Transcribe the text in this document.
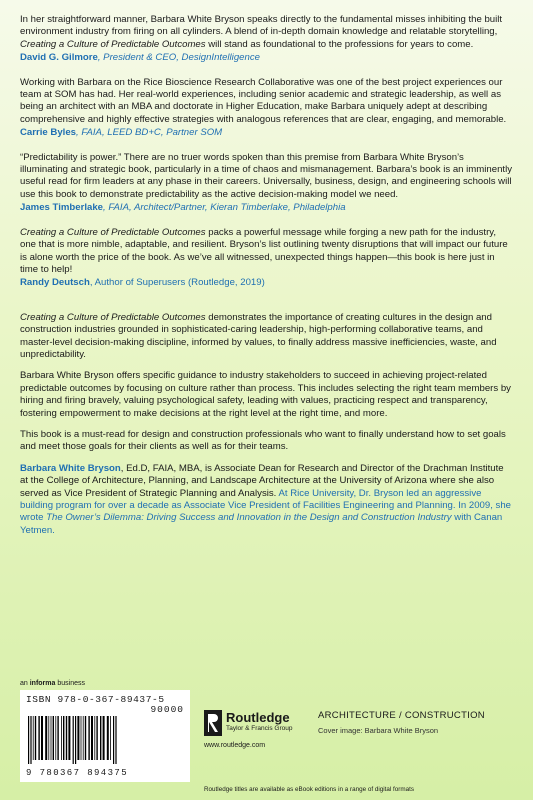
In her straightforward manner, Barbara White Bryson speaks directly to the fundamental misses inhibiting the built environment industry from firing on all cylinders. A blend of in-depth domain knowledge and relatable storytelling, Creating a Culture of Predictable Outcomes will stand as foundational to the professions for years to come.

David G. Gilmore, President & CEO, DesignIntelligence

Working with Barbara on the Rice Bioscience Research Collaborative was one of the best project experiences our team at SOM has had. Her real-world experiences, including senior academic and strategic leadership, as well as being an architect with an MBA and doctorate in Higher Education, make Barbara uniquely adept at describing comprehensive and highly effective strategies with analogous references that are clear, engaging, and memorable.

Carrie Byles, FAIA, LEED BD+C, Partner SOM

“Predictability is power.” There are no truer words spoken than this premise from Barbara White Bryson’s illuminating and strategic book, particularly in a time of chaos and mismanagement. Barbara’s book is an imminently useful read for firm leaders at any phase in their careers. Universally, business, design, and engineering schools will use this book to demonstrate predictability as the active decision-making model we need.

James Timberlake, FAIA, Architect/Partner, Kieran Timberlake, Philadelphia

Creating a Culture of Predictable Outcomes packs a powerful message while forging a new path for the industry, one that is more nimble, adaptable, and resilient. Bryson’s list outlining twenty disruptions that will impact our future is alone worth the price of the book. As we’ve all witnessed, unexpected things happen—this book is here just in time to help!

Randy Deutsch, Author of Superusers (Routledge, 2019)

Creating a Culture of Predictable Outcomes demonstrates the importance of creating cultures in the design and construction industries grounded in sophisticated-caring leadership, high-performing collaborative teams, and master-level decision-making discipline, informed by values, to finally address massive inefficiencies, waste, and unpredictability.

Barbara White Bryson offers specific guidance to industry stakeholders to succeed in achieving project-related predictable outcomes by focusing on culture rather than process. This includes selecting the right team members by hiring and firing bravely, valuing psychological safety, leading with values, practicing respect and transparency, fostering empowerment to make decisions at the right level at the right time, and more.

This book is a must-read for design and construction professionals who want to finally understand how to set goals and meet those goals for their clients as well as for their teams.

Barbara White Bryson, Ed.D, FAIA, MBA, is Associate Dean for Research and Director of the Drachman Institute at the College of Architecture, Planning, and Landscape Architecture at the University of Arizona where she also served as Vice President of Strategic Planning and Analysis. At Rice University, Dr. Bryson led an aggressive building program for over a decade as Associate Vice President of Facilities Engineering and Planning. In 2009, she wrote The Owner’s Dilemma: Driving Success and Innovation in the Design and Construction Industry with Canan Yetmen.

an informa business
ISBN 978-0-367-89437-5
90000
9 780367 894375
Routledge
Taylor & Francis Group
www.routledge.com
ARCHITECTURE / CONSTRUCTION
Cover image: Barbara White Bryson
Routledge titles are available as eBook editions in a range of digital formats
